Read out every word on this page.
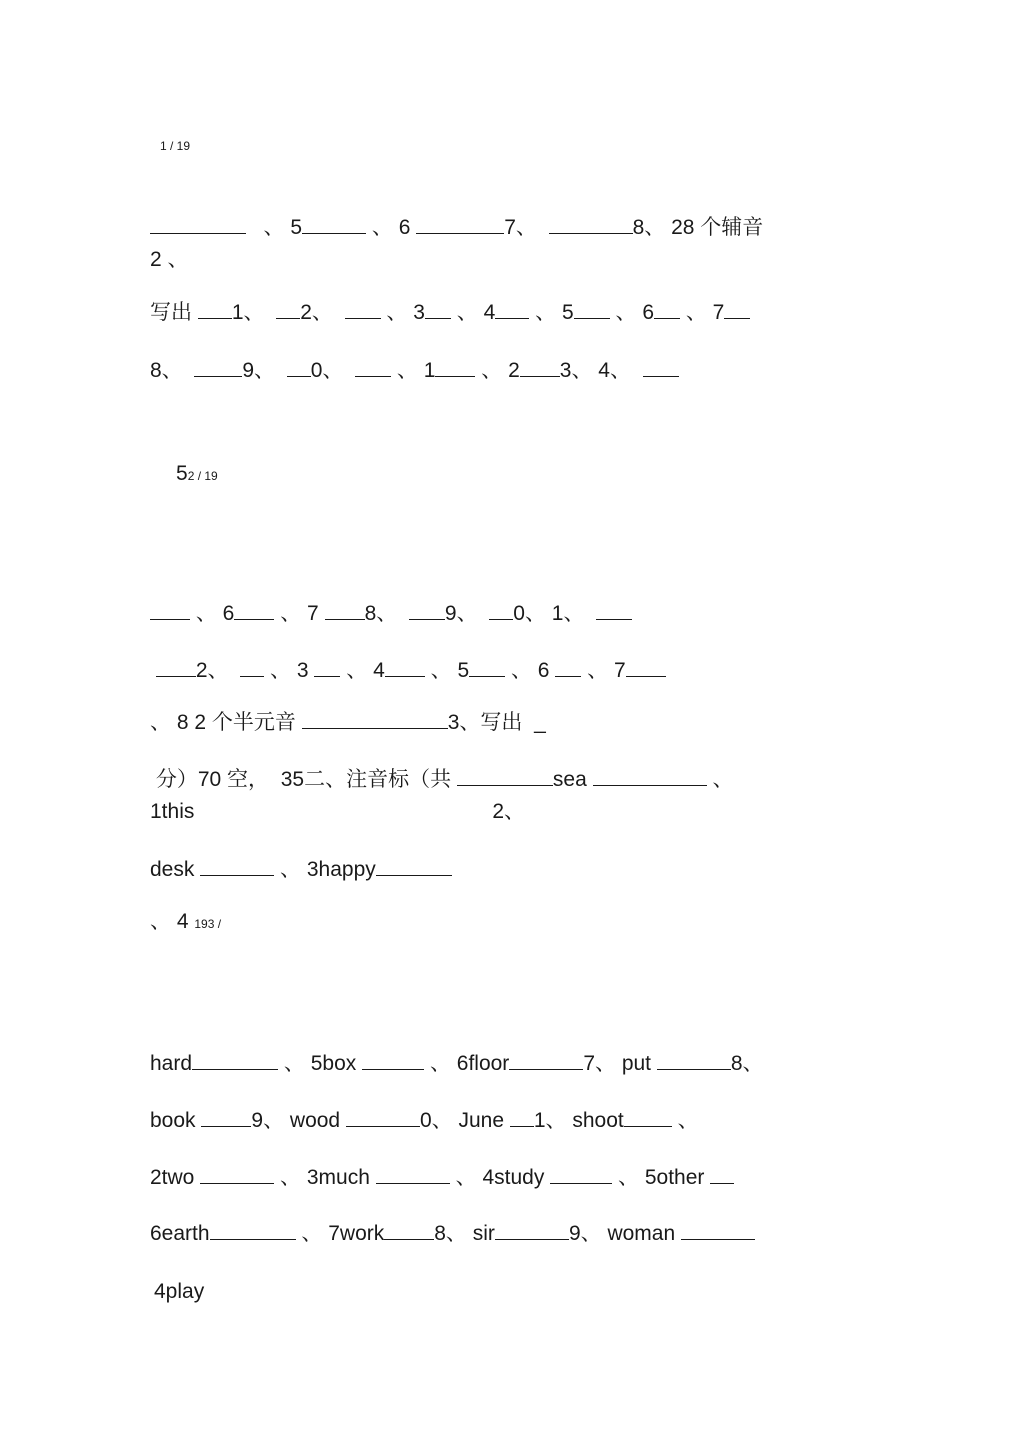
1 / 19
、 5	、 6	7、	8、 28 个辅音
2 、
写出 1、 2、	、 3 、 4 、 5 、 6 、 7
8、	9、 0、	、 1 、 2 3、 4、
52 / 19
、 6 、 7 8、 9、 0、 1、
2、 、 3 、 4 、 5 、 6 、 7
、 8 2 个半元音	3、写出 _
分）70 空，  35二、注音标（共	sea	、
1this	2、
desk	、 3happy
、 4 193 /
hard	、 5box	、 6floor	7、 put	8、
book	9、 wood	0、 June 1、 shoot	、
2two	、 3much	、 4study	、 5other
6earth	、 7work 8、 sir	9、 woman
4play
